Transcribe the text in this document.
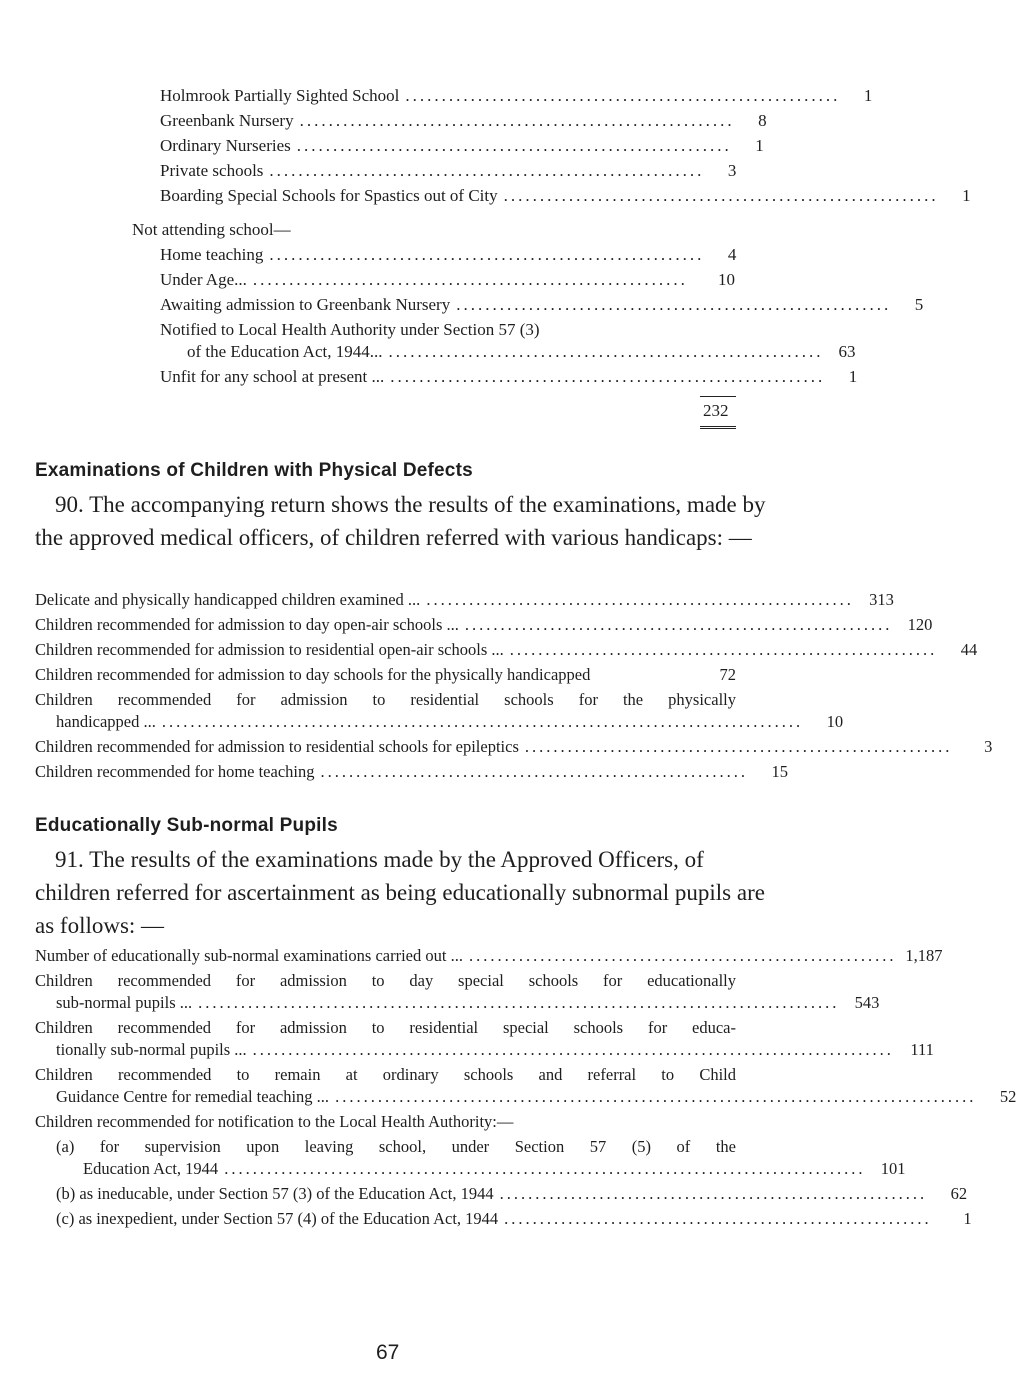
Holmrook Partially Sighted School ............................................................	1
Greenbank Nursery ............................................................	8
Ordinary Nurseries ............................................................	1
Private schools ............................................................	3
Boarding Special Schools for Spastics out of City ............................................................	1
Not attending school—
Home teaching ............................................................	4
Under Age... ............................................................	10
Awaiting admission to Greenbank Nursery ............................................................	5
Notified to Local Health Authority under Section 57 (3)
of the Education Act, 1944... ............................................................ 63
Unfit for any school at present ... ............................................................	1
232
Examinations of Children with Physical Defects

90. The accompanying return shows the results of the examinations, made by the approved medical officers, of children referred with various handicaps: —

Delicate and physically handicapped children examined ... ............................................................ 313
Children recommended for admission to day open-air schools ... ............................................................ 120
Children recommended for admission to residential open-air schools ... ............................................................	44
Children recommended for admission to day schools for the physically handicapped	72
Children recommended for admission to residential schools for the physically
handicapped ... ..........................................................................................	10
Children recommended for admission to residential schools for epileptics ............................................................	3
Children recommended for home teaching ............................................................	15
Educationally Sub-normal Pupils

91. The results of the examinations made by the Approved Officers, of children referred for ascertainment as being educationally subnormal pupils are as follows: —

Number of educationally sub-normal examinations carried out ... ............................................................ 1,187
Children recommended for admission to day special schools for educationally
sub-normal pupils ... .......................................................................................... 543
Children recommended for admission to residential special schools for educa-
tionally sub-normal pupils ... .......................................................................................... 111
Children recommended to remain at ordinary schools and referral to Child
Guidance Centre for remedial teaching ... ..........................................................................................	52
Children recommended for notification to the Local Health Authority:—
(a) for supervision upon leaving school, under Section 57 (5) of the
Education Act, 1944 .......................................................................................... 101
(b) as ineducable, under Section 57 (3) of the Education Act, 1944 ............................................................	62
(c) as inexpedient, under Section 57 (4) of the Education Act, 1944 ............................................................	1
67
